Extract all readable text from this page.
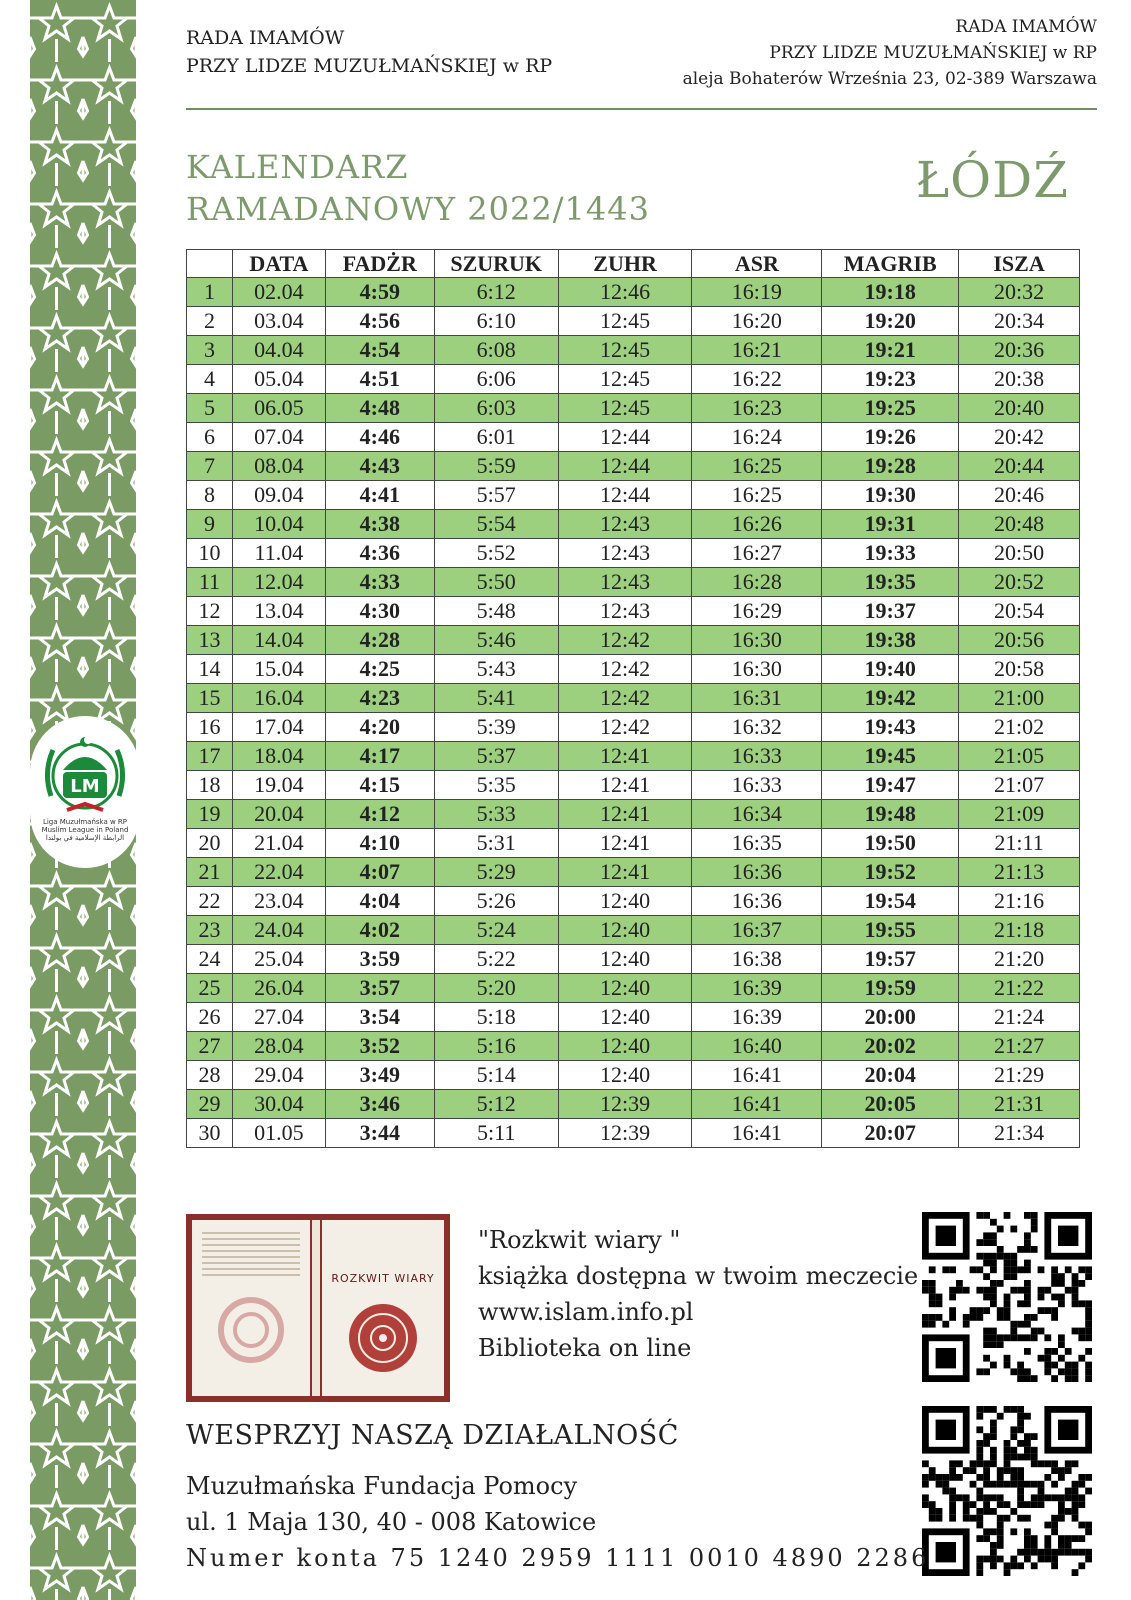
LM
Liga Muzułmańska w RP
Muslim League in Poland
الرابطة الإسلامية في بولندا
RADA IMAMÓW
PRZY LIDZE MUZUŁMAŃSKIEJ w RP
RADA IMAMÓW
PRZY LIDZE MUZUŁMAŃSKIEJ w RP
aleja Bohaterów Września 23, 02-389 Warszawa
KALENDARZ
RAMADANOWY 2022/1443	ŁÓDŹ
	DATA	FADŻR	SZURUK	ZUHR	ASR	MAGRIB	ISZA
1	02.04	4:59	6:12	12:46	16:19	19:18	20:32
2	03.04	4:56	6:10	12:45	16:20	19:20	20:34
3	04.04	4:54	6:08	12:45	16:21	19:21	20:36
4	05.04	4:51	6:06	12:45	16:22	19:23	20:38
5	06.05	4:48	6:03	12:45	16:23	19:25	20:40
6	07.04	4:46	6:01	12:44	16:24	19:26	20:42
7	08.04	4:43	5:59	12:44	16:25	19:28	20:44
8	09.04	4:41	5:57	12:44	16:25	19:30	20:46
9	10.04	4:38	5:54	12:43	16:26	19:31	20:48
10	11.04	4:36	5:52	12:43	16:27	19:33	20:50
11	12.04	4:33	5:50	12:43	16:28	19:35	20:52
12	13.04	4:30	5:48	12:43	16:29	19:37	20:54
13	14.04	4:28	5:46	12:42	16:30	19:38	20:56
14	15.04	4:25	5:43	12:42	16:30	19:40	20:58
15	16.04	4:23	5:41	12:42	16:31	19:42	21:00
16	17.04	4:20	5:39	12:42	16:32	19:43	21:02
17	18.04	4:17	5:37	12:41	16:33	19:45	21:05
18	19.04	4:15	5:35	12:41	16:33	19:47	21:07
19	20.04	4:12	5:33	12:41	16:34	19:48	21:09
20	21.04	4:10	5:31	12:41	16:35	19:50	21:11
21	22.04	4:07	5:29	12:41	16:36	19:52	21:13
22	23.04	4:04	5:26	12:40	16:36	19:54	21:16
23	24.04	4:02	5:24	12:40	16:37	19:55	21:18
24	25.04	3:59	5:22	12:40	16:38	19:57	21:20
25	26.04	3:57	5:20	12:40	16:39	19:59	21:22
26	27.04	3:54	5:18	12:40	16:39	20:00	21:24
27	28.04	3:52	5:16	12:40	16:40	20:02	21:27
28	29.04	3:49	5:14	12:40	16:41	20:04	21:29
29	30.04	3:46	5:12	12:39	16:41	20:05	21:31
30	01.05	3:44	5:11	12:39	16:41	20:07	21:34
ROZKWIT WIARY
"Rozkwit wiary "
książka dostępna w twoim meczecie
www.islam.info.pl
Biblioteka on line
WESPRZYJ NASZĄ DZIAŁALNOŚĆ
Muzułmańska Fundacja Pomocy
ul. 1 Maja 130, 40 - 008 Katowice
Numer konta 75 1240 2959 1111 0010 4890 2286
